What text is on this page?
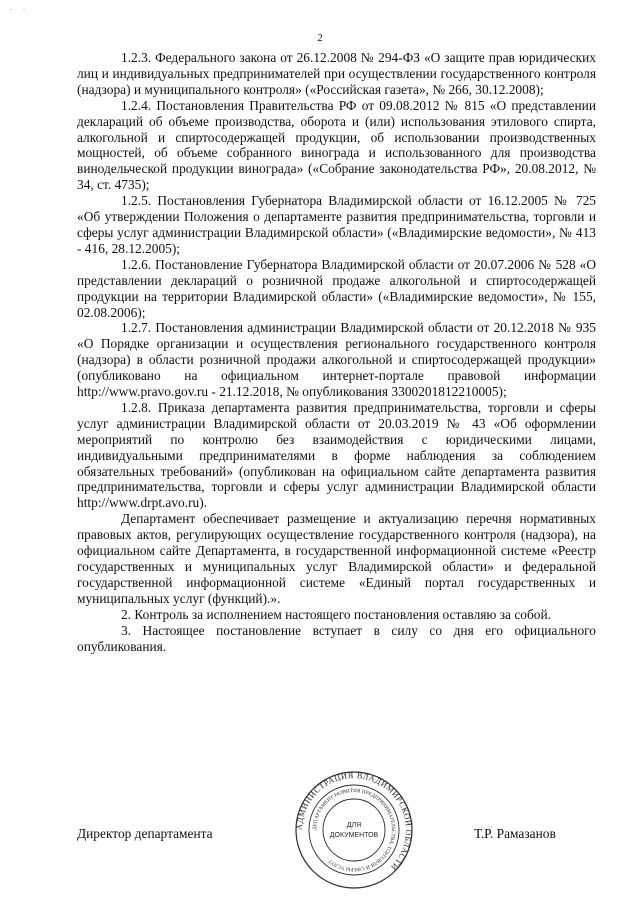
·      ·
2

1.2.3. Федерального закона от 26.12.2008 № 294-ФЗ «О защите прав юридических лиц и индивидуальных предпринимателей при осуществлении государственного контроля (надзора) и муниципального контроля» («Российская газета», № 266, 30.12.2008);

1.2.4. Постановления Правительства РФ от 09.08.2012 № 815 «О представлении деклараций об объеме производства, оборота и (или) использования этилового спирта, алкогольной и спиртосодержащей продукции, об использовании производственных мощностей, об объеме собранного винограда и использованного для производства винодельческой продукции винограда» («Собрание законодательства РФ», 20.08.2012, № 34, ст. 4735);

1.2.5. Постановления Губернатора Владимирской области от 16.12.2005 № 725 «Об утверждении Положения о департаменте развития предпринимательства, торговли и сферы услуг администрации Владимирской области» («Владимирские ведомости», № 413 - 416, 28.12.2005);

1.2.6. Постановление Губернатора Владимирской области от 20.07.2006 № 528 «О представлении деклараций о розничной продаже алкогольной и спиртосодержащей продукции на территории Владимирской области» («Владимирские ведомости», № 155, 02.08.2006);

1.2.7. Постановления администрации Владимирской области от 20.12.2018 № 935 «О Порядке организации и осуществления регионального государственного контроля (надзора) в области розничной продажи алкогольной и спиртосодержащей продукции» (опубликовано на официальном интернет-портале правовой информации http://www.pravo.gov.ru - 21.12.2018, № опубликования 3300201812210005);

1.2.8. Приказа департамента развития предпринимательства, торговли и сферы услуг администрации Владимирской области от 20.03.2019 № 43 «Об оформлении мероприятий по контролю без взаимодействия с юридическими лицами, индивидуальными предпринимателями в форме наблюдения за соблюдением обязательных требований» (опубликован на официальном сайте департамента развития предпринимательства, торговли и сферы услуг администрации Владимирской области http://www.drpt.avo.ru).

Департамент обеспечивает размещение и актуализацию перечня нормативных правовых актов, регулирующих осуществление государственного контроля (надзора), на официальном сайте Департамента, в государственной информационной системе «Реестр государственных и муниципальных услуг Владимирской области» и федеральной государственной информационной системе «Единый портал государственных и муниципальных услуг (функций).».

2. Контроль за исполнением настоящего постановления оставляю за собой.

3. Настоящее постановление вступает в силу со дня его официального опубликования.

Директор департамента	Т.Р. Рамазанов
АДМИНИСТРАЦИЯ ВЛАДИМИРСКОЙ ОБЛАСТИ
ДЕПАРТАМЕНТ РАЗВИТИЯ ПРЕДПРИНИМАТЕЛЬСТВА, ТОРГОВЛИ И СФЕРЫ УСЛУГ
ДЛЯ
ДОКУМЕНТОВ
